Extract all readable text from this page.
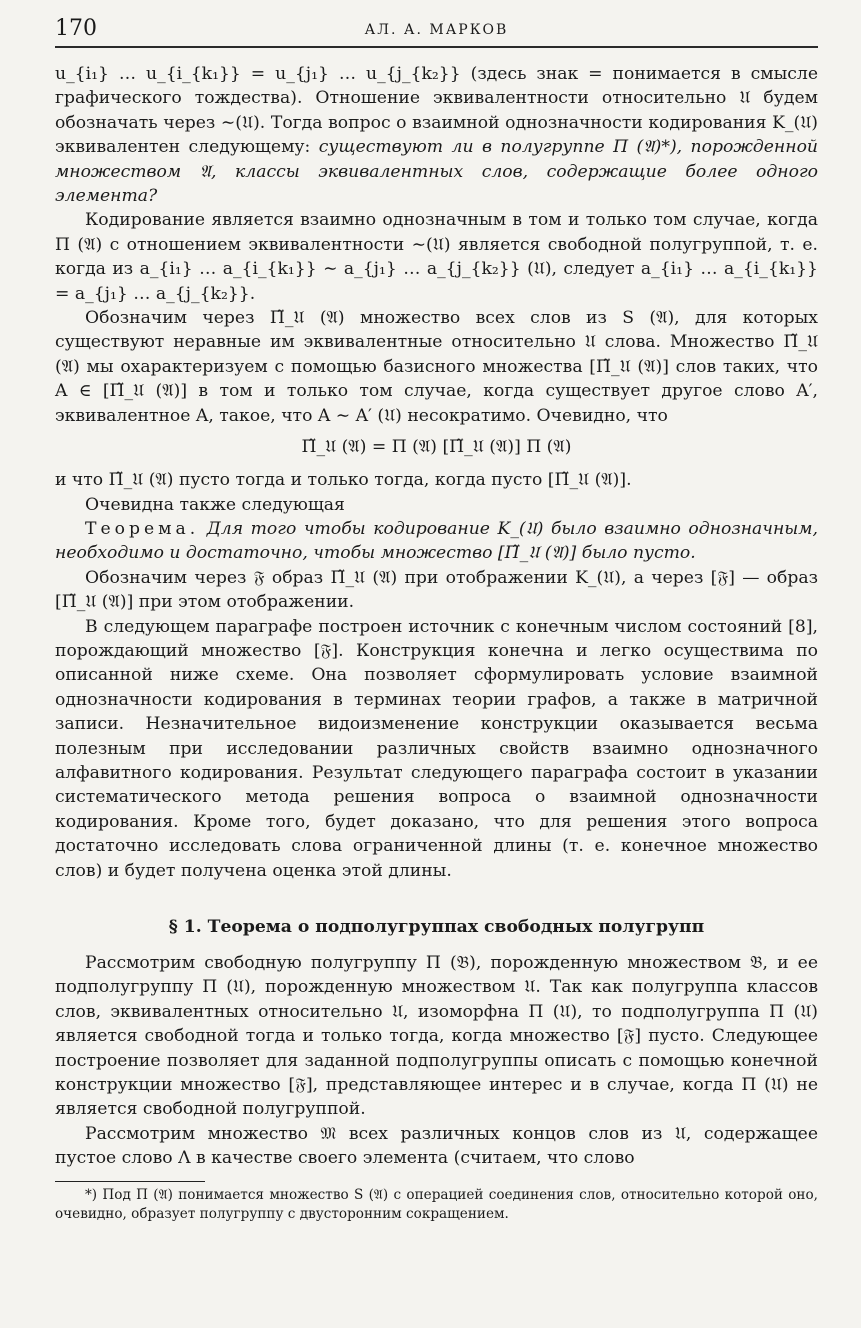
170	АЛ. А. МАРКОВ

u_{i₁} … u_{i_{k₁}} = u_{j₁} … u_{j_{k₂}} (здесь знак = понимается в смысле графического тождества). Отношение эквивалентности относительно 𝔘 будем обозначать через ∼(𝔘). Тогда вопрос о взаимной однозначности кодирования K_(𝔘) эквивалентен следующему: существуют ли в полугруппе Π (𝔄)*), порожденной множеством 𝔄, классы эквивалентных слов, содержащие более одного элемента?

Кодирование является взаимно однозначным в том и только том случае, когда Π (𝔄) с отношением эквивалентности ∼(𝔘) является свободной полугруппой, т. е. когда из a_{i₁} … a_{i_{k₁}} ∼ a_{j₁} … a_{j_{k₂}} (𝔘), следует a_{i₁} … a_{i_{k₁}} = a_{j₁} … a_{j_{k₂}}.

Обозначим через Π̃_𝔘 (𝔄) множество всех слов из S (𝔄), для которых существуют неравные им эквивалентные относительно 𝔘 слова. Множество Π̃_𝔘 (𝔄) мы охарактеризуем с помощью базисного множества [Π̃_𝔘 (𝔄)] слов таких, что A ∈ [Π̃_𝔘 (𝔄)] в том и только том случае, когда существует другое слово A′, эквивалентное A, такое, что A ∼ A′ (𝔘) несократимо. Очевидно, что

Π̃_𝔘 (𝔄) = Π (𝔄) [Π̃_𝔘 (𝔄)] Π (𝔄)

и что Π̃_𝔘 (𝔄) пусто тогда и только тогда, когда пусто [Π̃_𝔘 (𝔄)].

Очевидна также следующая

Теорема. Для того чтобы кодирование K_(𝔘) было взаимно однозначным, необходимо и достаточно, чтобы множество [Π̃_𝔘 (𝔄)] было пусто.

Обозначим через 𝔉 образ Π̃_𝔘 (𝔄) при отображении K_(𝔘), а через [𝔉] — образ [Π̃_𝔘 (𝔄)] при этом отображении.

В следующем параграфе построен источник с конечным числом состояний [8], порождающий множество [𝔉]. Конструкция конечна и легко осуществима по описанной ниже схеме. Она позволяет сформулировать условие взаимной однозначности кодирования в терминах теории графов, а также в матричной записи. Незначительное видоизменение конструкции оказывается весьма полезным при исследовании различных свойств взаимно однозначного алфавитного кодирования. Результат следующего параграфа состоит в указании систематического метода решения вопроса о взаимной однозначности кодирования. Кроме того, будет доказано, что для решения этого вопроса достаточно исследовать слова ограниченной длины (т. е. конечное множество слов) и будет получена оценка этой длины.

§ 1. Теорема о подполугруппах свободных полугрупп

Рассмотрим свободную полугруппу Π (𝔅), порожденную множеством 𝔅, и ее подполугруппу Π (𝔘), порожденную множеством 𝔘. Так как полугруппа классов слов, эквивалентных относительно 𝔘, изоморфна Π (𝔘), то подполугруппа Π (𝔘) является свободной тогда и только тогда, когда множество [𝔉] пусто. Следующее построение позволяет для заданной подполугруппы описать с помощью конечной конструкции множество [𝔉], представляющее интерес и в случае, когда Π (𝔘) не является свободной полугруппой.

Рассмотрим множество 𝔐 всех различных концов слов из 𝔘, содержащее пустое слово Λ в качестве своего элемента (считаем, что слово

*) Под Π (𝔄) понимается множество S (𝔄) с операцией соединения слов, относительно которой оно, очевидно, образует полугруппу с двусторонним сокращением.
